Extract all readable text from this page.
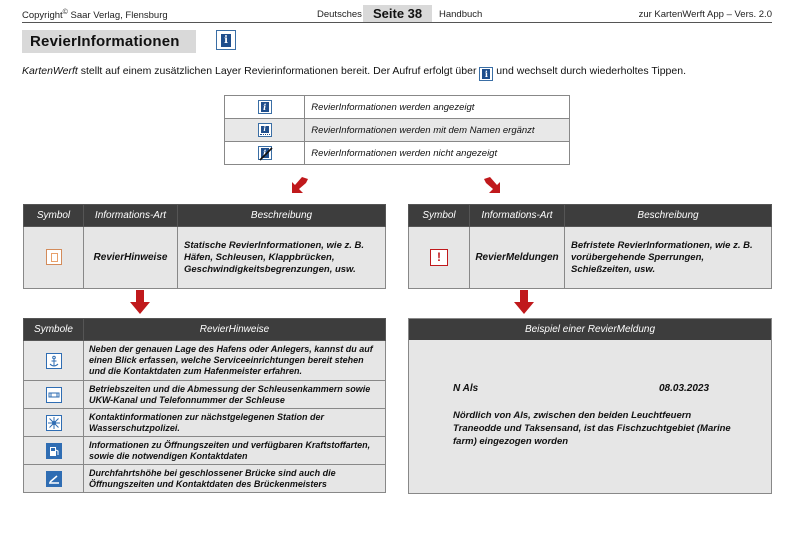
Copyright© Saar Verlag, Flensburg	Deutsches Seite 38	Handbuch	zur KartenWerft App – Vers. 2.0
RevierInformationen	i
KartenWerft stellt auf einem zusätzlichen Layer Revierinformationen bereit. Der Aufruf erfolgt über	i und wechselt durch wiederholtes Tippen.
i	RevierInformationen werden angezeigt

i	RevierInformationen werden mit dem Namen ergänzt

i	RevierInformationen werden nicht angezeigt
Symbol	Informations-Art	Beschreibung

	RevierHinweise	Statische RevierInformationen, wie z. B. Häfen, Schleusen, Klappbrücken, Geschwindigkeitsbegrenzungen, usw.
Symbol	Informations-Art	Beschreibung
!	RevierMeldungen	Befristete RevierInformationen, wie z. B. vorübergehende Sperrungen, Schießzeiten, usw.
Symbole	RevierHinweise

	Neben der genauen Lage des Hafens oder Anlegers, kannst du auf einen Blick erfassen, welche Serviceeinrichtungen bereit stehen und die Kontaktdaten zum Hafenmeister erfahren.

	Betriebszeiten und die Abmessung der Schleusenkammern sowie UKW-Kanal und Telefonnummer der Schleuse

	Kontaktinformationen zur nächstgelegenen Station der Wasserschutzpolizei.

	Informationen zu Öffnungszeiten und verfügbaren Kraftstoffarten, sowie die notwendigen Kontaktdaten

	Durchfahrtshöhe bei geschlossener Brücke sind auch die Öffnungszeiten und Kontaktdaten des Brückenmeisters
Beispiel einer RevierMeldung
N Als	08.03.2023
Nördlich von Als, zwischen den beiden Leuchtfeuern Traneodde und Taksensand, ist das Fischzuchtgebiet (Marine farm) eingezogen worden
